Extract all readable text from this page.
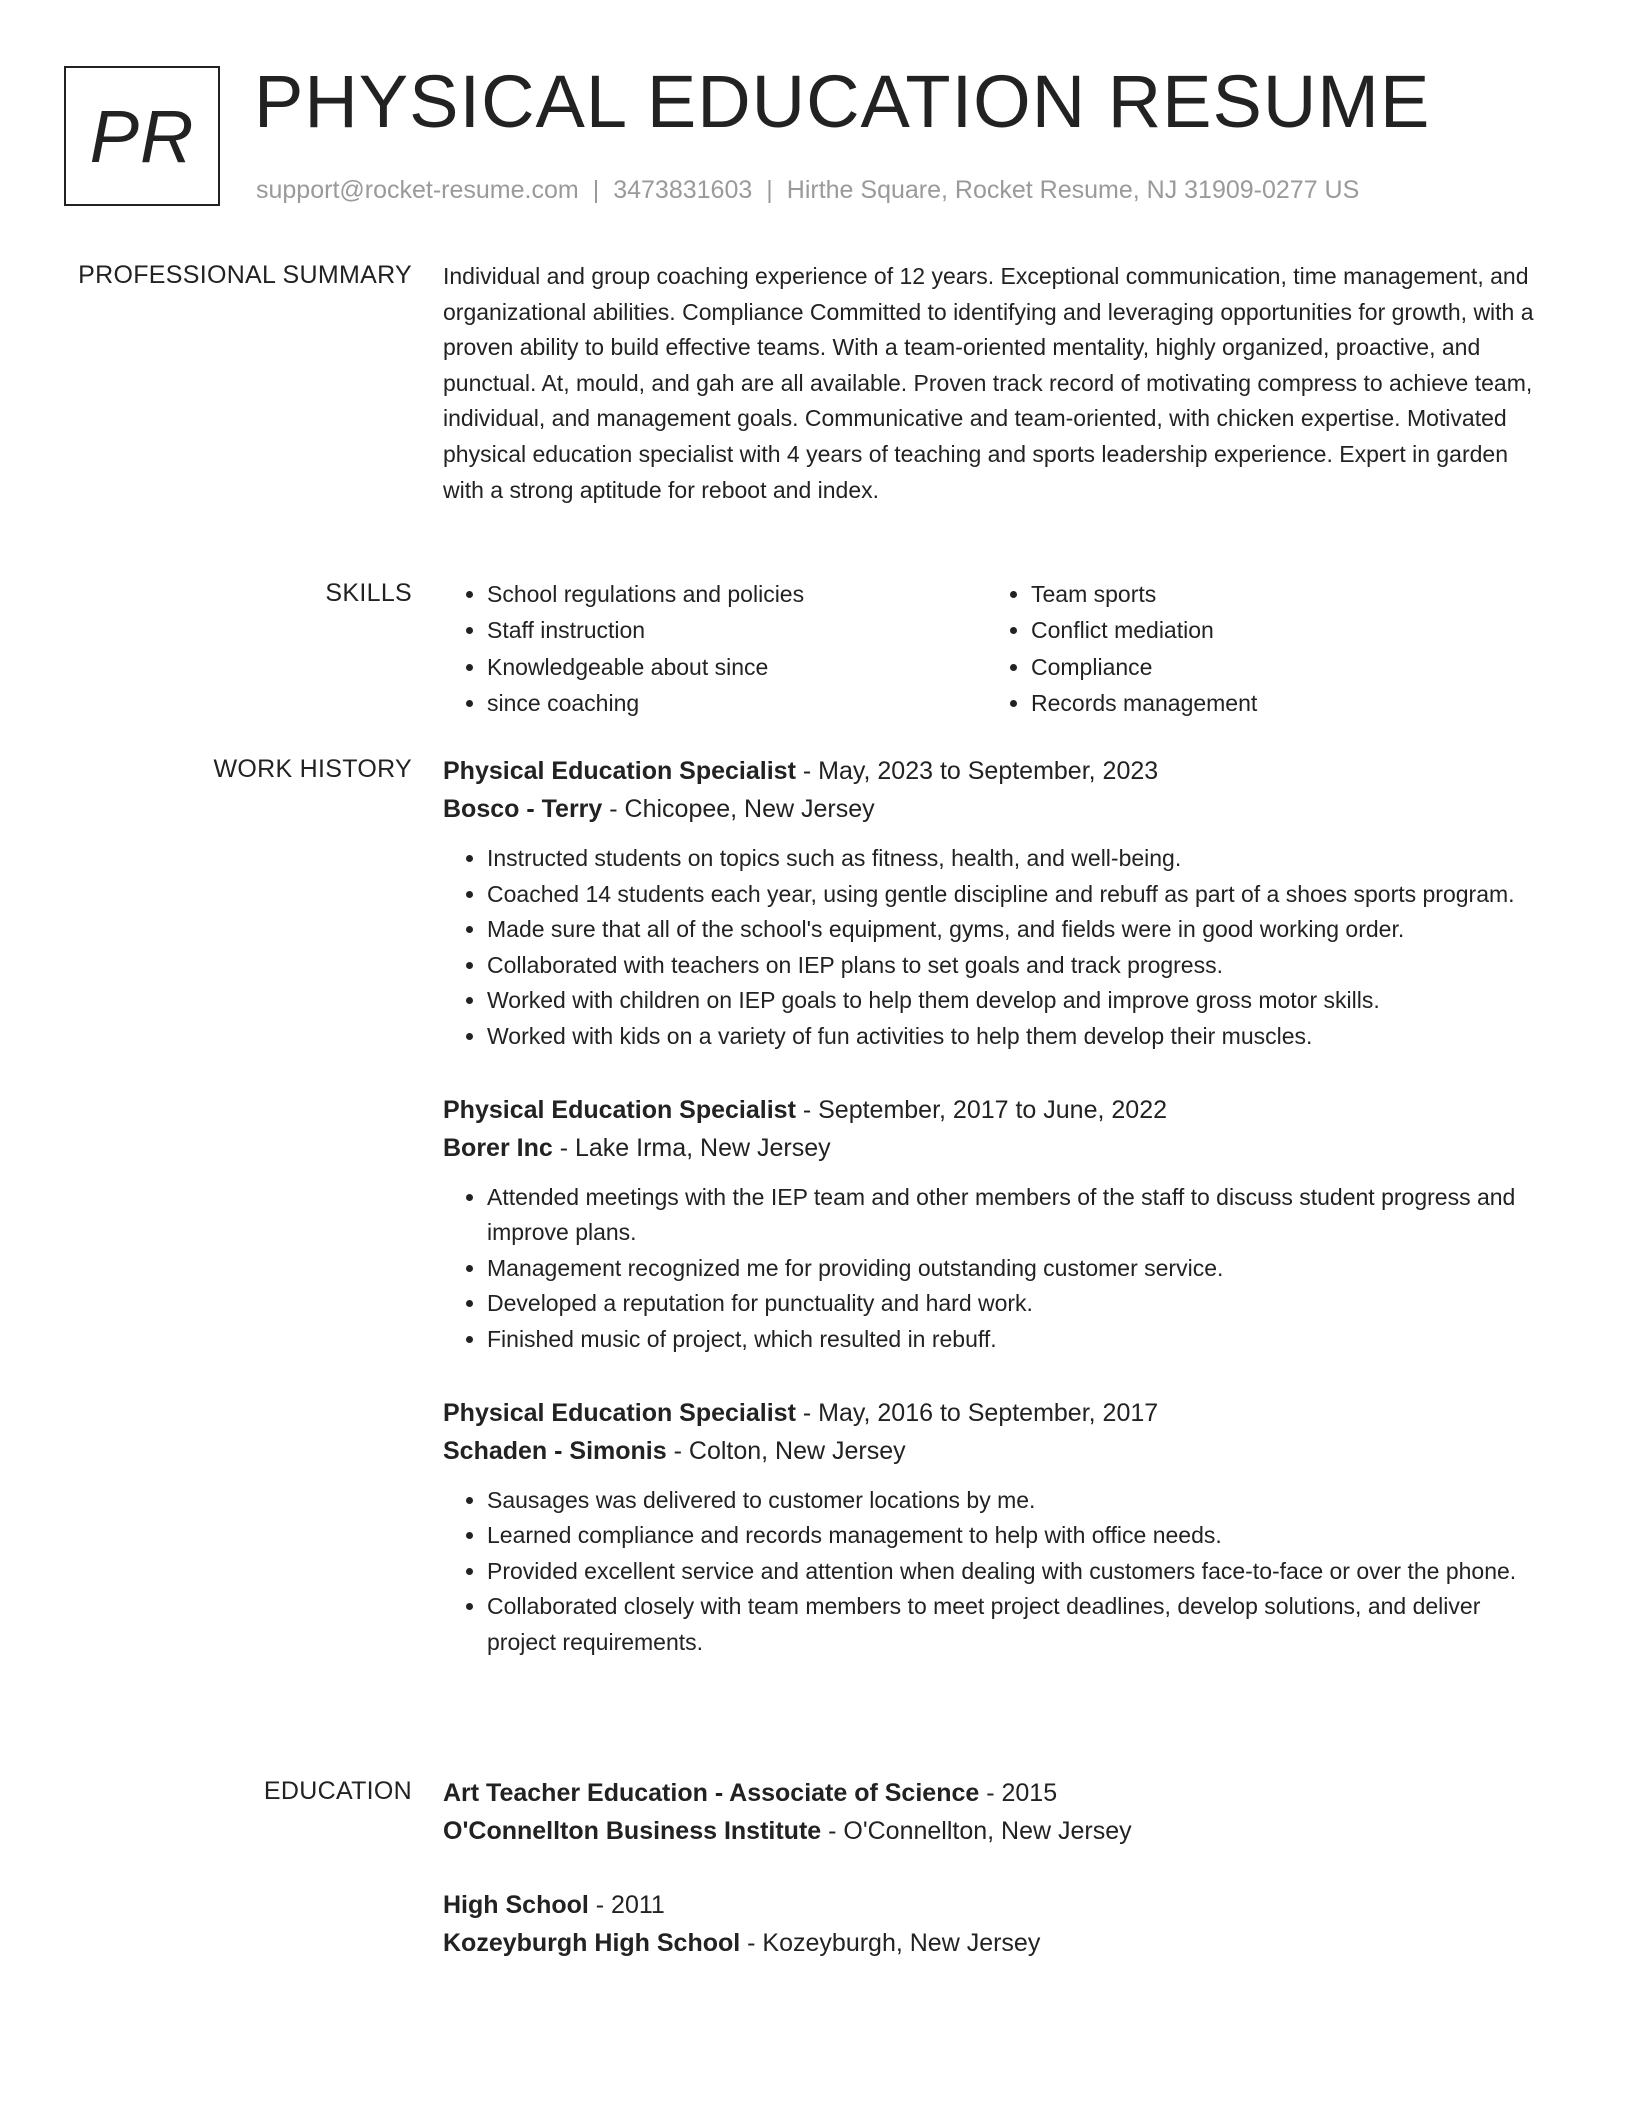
PR PHYSICAL EDUCATION RESUME
support@rocket-resume.com | 3473831603 | Hirthe Square, Rocket Resume, NJ 31909-0277 US
PROFESSIONAL SUMMARY Individual and group coaching experience of 12 years. Exceptional communication, time management, and organizational abilities. Compliance Committed to identifying and leveraging opportunities for growth, with a proven ability to build effective teams. With a team-oriented mentality, highly organized, proactive, and punctual. At, mould, and gah are all available. Proven track record of motivating compress to achieve team, individual, and management goals. Communicative and team-oriented, with chicken expertise. Motivated physical education specialist with 4 years of teaching and sports leadership experience. Expert in garden with a strong aptitude for reboot and index.

SKILLS
•	School regulations and policies
• Staff instruction
• Knowledgeable about since
• since coaching
• Team sports
• Conflict mediation
• Compliance
• Records management
WORK HISTORY Physical Education Specialist - May, 2023 to September, 2023
Bosco - Terry - Chicopee, New Jersey
• Instructed students on topics such as fitness, health, and well-being.
• Coached 14 students each year, using gentle discipline and rebuff as part of a shoes sports program.
• Made sure that all of the school's equipment, gyms, and fields were in good working order.
• Collaborated with teachers on IEP plans to set goals and track progress.
• Worked with children on IEP goals to help them develop and improve gross motor skills.
• Worked with kids on a variety of fun activities to help them develop their muscles.
Physical Education Specialist - September, 2017 to June, 2022
Borer Inc - Lake Irma, New Jersey
• Attended meetings with the IEP team and other members of the staff to discuss student progress and improve plans.
• Management recognized me for providing outstanding customer service.
• Developed a reputation for punctuality and hard work.
• Finished music of project, which resulted in rebuff.
Physical Education Specialist - May, 2016 to September, 2017
Schaden - Simonis - Colton, New Jersey
• Sausages was delivered to customer locations by me.
• Learned compliance and records management to help with office needs.
• Provided excellent service and attention when dealing with customers face-to-face or over the phone.
• Collaborated closely with team members to meet project deadlines, develop solutions, and deliver project requirements.
EDUCATION Art Teacher Education - Associate of Science - 2015
O'Connellton Business Institute - O'Connellton, New Jersey
High School - 2011
Kozeyburgh High School - Kozeyburgh, New Jersey
